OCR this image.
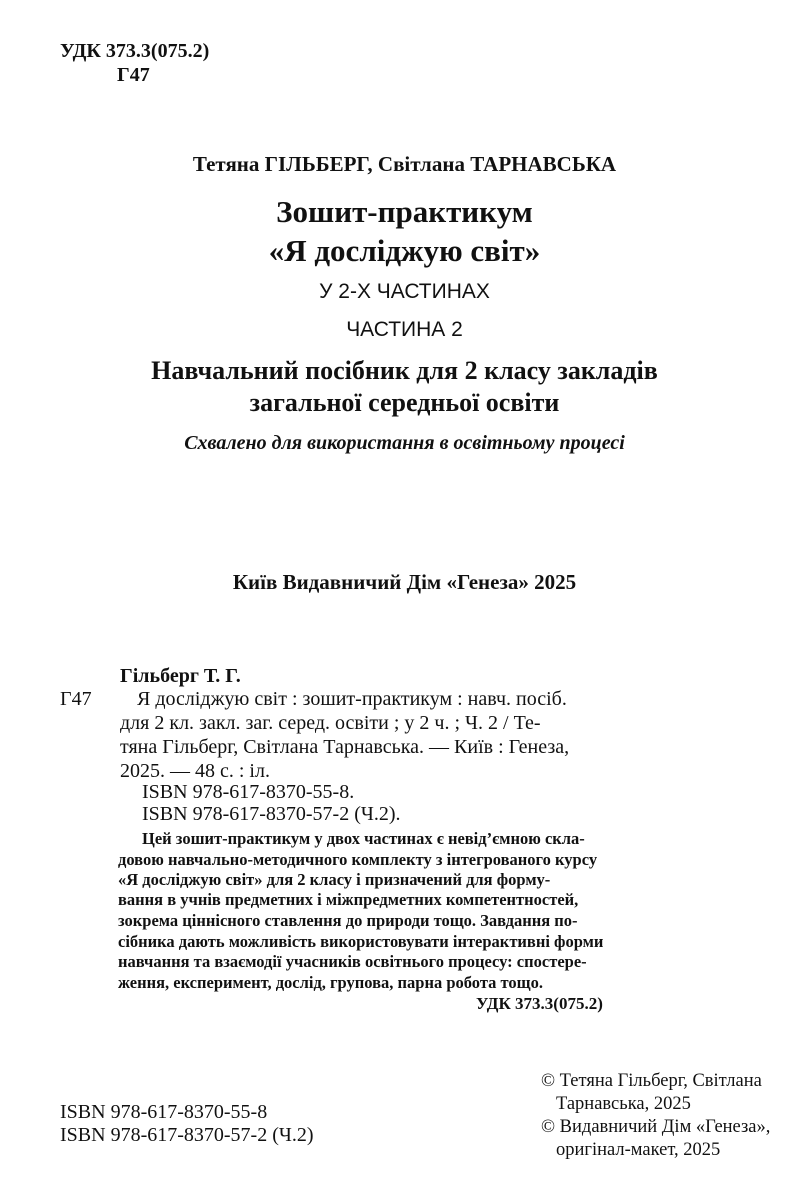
УДК 373.3(075.2)
Г47
Тетяна ГІЛЬБЕРГ, Світлана ТАРНАВСЬКА
Зошит-практикум
«Я досліджую світ»
У 2-Х ЧАСТИНАХ
ЧАСТИНА 2
Навчальний посібник для 2 класу закладів
загальної середньої освіти
Схвалено для використання в освітньому процесі
Київ Видавничий Дім «Генеза» 2025
Гільберг Т. Г.
Г47 Я досліджую світ : зошит-практикум : навч. посіб.
для 2 кл. закл. заг. серед. освіти ; у 2 ч. ; Ч. 2 / Те-
тяна Гільберг, Світлана Тарнавська. — Київ : Генеза,
2025. — 48 с. : іл.
ISBN 978-617-8370-55-8.
ISBN 978-617-8370-57-2 (Ч.2).
Цей зошит-практикум у двох частинах є невід’ємною скла-
довою навчально-методичного комплекту з інтегрованого курсу
«Я досліджую світ» для 2 класу і призначений для форму-
вання в учнів предметних і міжпредметних компетентностей,
зокрема ціннісного ставлення до природи тощо. Завдання по-
сібника дають можливість використовувати інтерактивні форми
навчання та взаємодії учасників освітнього процесу: спостере-
ження, експеримент, дослід, групова, парна робота тощо.
УДК 373.3(075.2)
© Тетяна Гільберг, Світлана
Тарнавська, 2025
© Видавничий Дім «Генеза»,
оригінал-макет, 2025
ISBN 978-617-8370-55-8
ISBN 978-617-8370-57-2 (Ч.2)
